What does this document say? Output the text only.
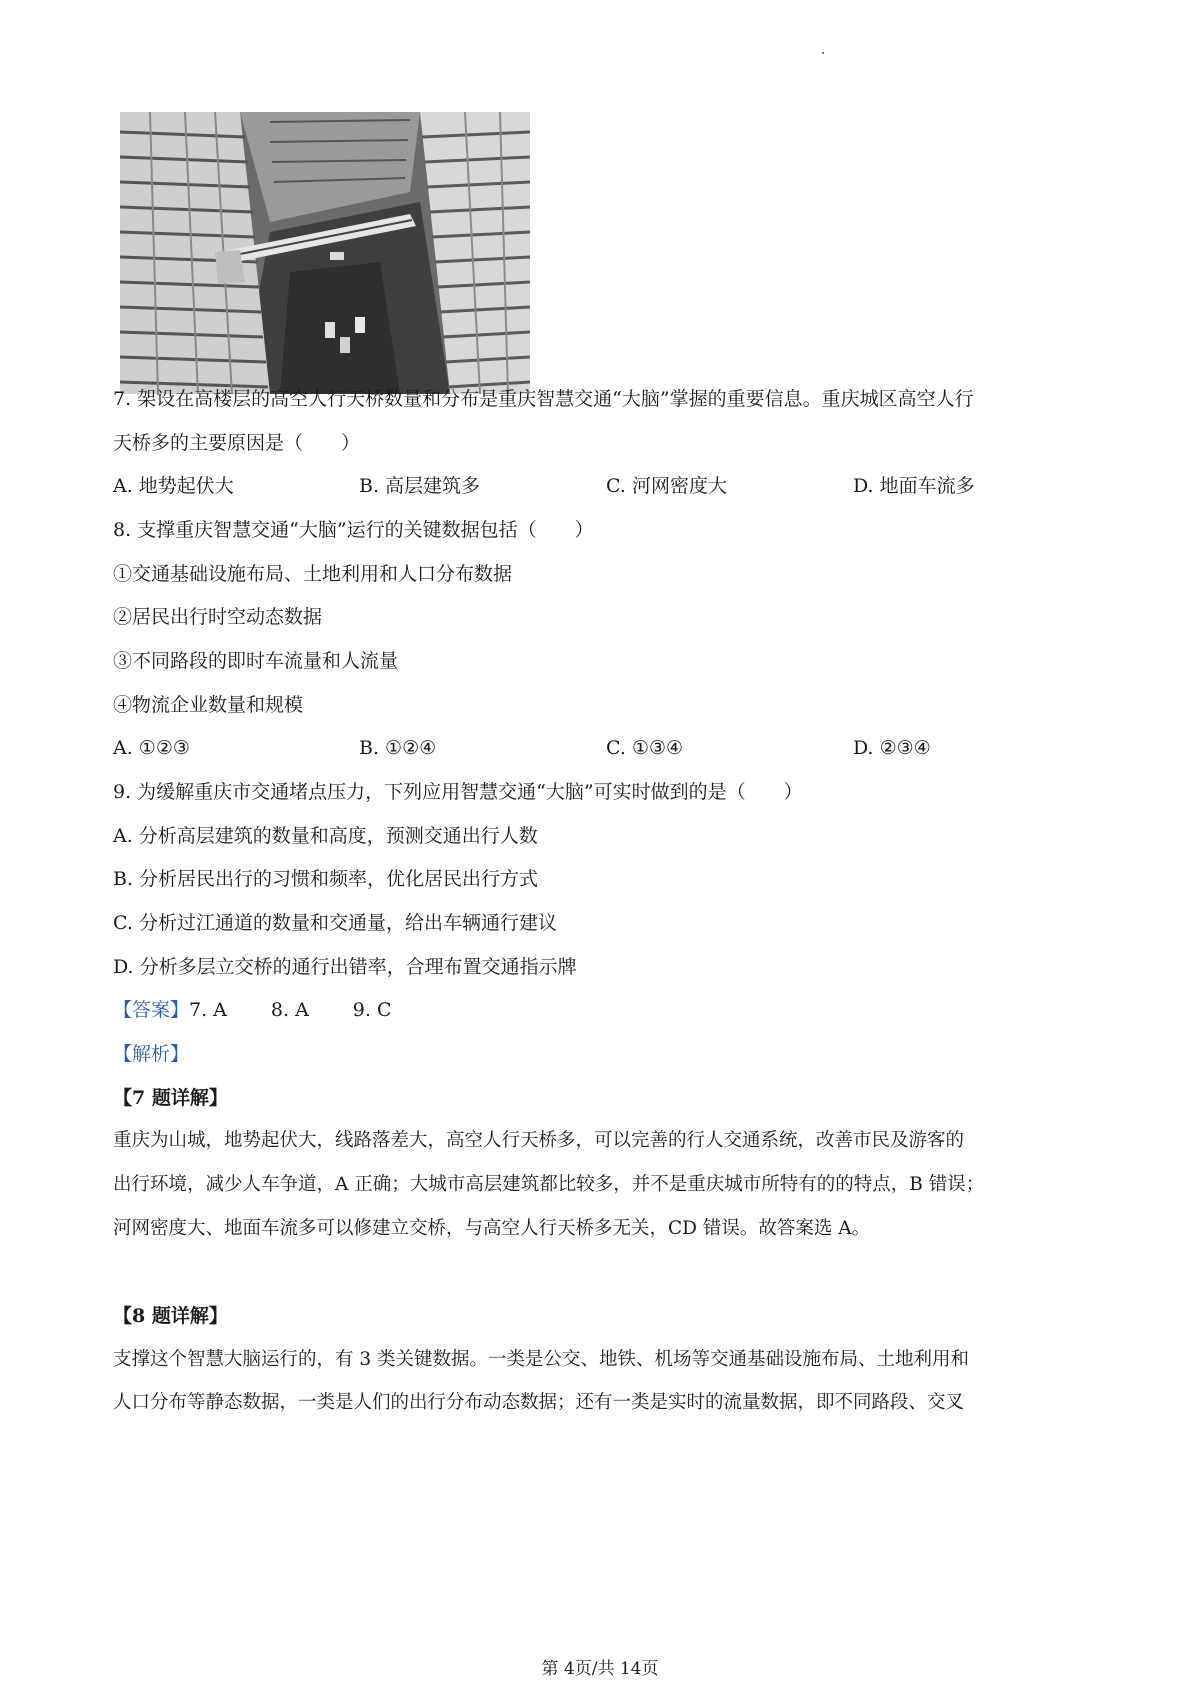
7. 架设在高楼层的高空人行天桥数量和分布是重庆智慧交通“大脑”掌握的重要信息。重庆城区高空人行
天桥多的主要原因是（　　）
A. 地势起伏大	B. 高层建筑多	C. 河网密度大	D. 地面车流多
8. 支撑重庆智慧交通“大脑”运行的关键数据包括（　　）
①交通基础设施布局、土地利用和人口分布数据
②居民出行时空动态数据
③不同路段的即时车流量和人流量
④物流企业数量和规模
A. ①②③	B. ①②④	C. ①③④	D. ②③④
9. 为缓解重庆市交通堵点压力，下列应用智慧交通“大脑”可实时做到的是（　　）
A. 分析高层建筑的数量和高度，预测交通出行人数
B. 分析居民出行的习惯和频率，优化居民出行方式
C. 分析过江通道的数量和交通量，给出车辆通行建议
D. 分析多层立交桥的通行出错率，合理布置交通指示牌
【答案】7. A 8. A 9. C
【解析】
【7 题详解】
重庆为山城，地势起伏大，线路落差大，高空人行天桥多，可以完善的行人交通系统，改善市民及游客的
出行环境，减少人车争道，A 正确；大城市高层建筑都比较多，并不是重庆城市所特有的的特点，B 错误；
河网密度大、地面车流多可以修建立交桥，与高空人行天桥多无关，CD 错误。故答案选 A。
【8 题详解】
支撑这个智慧大脑运行的，有 3 类关键数据。一类是公交、地铁、机场等交通基础设施布局、土地利用和
人口分布等静态数据，一类是人们的出行分布动态数据；还有一类是实时的流量数据，即不同路段、交叉
第 4页/共 14页
